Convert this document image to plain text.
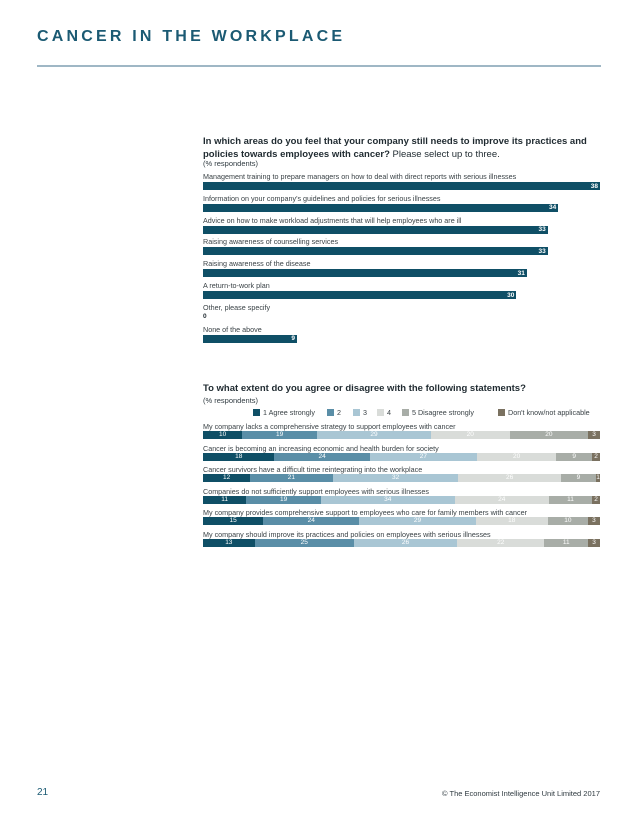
CANCER IN THE WORKPLACE
In which areas do you feel that your company still needs to improve its practices and policies towards employees with cancer? Please select up to three.
(% respondents)
Management training to prepare managers on how to deal with direct reports with serious illnesses
38
Information on your company's guidelines and policies for serious illnesses
34
Advice on how to make workload adjustments that will help employees who are ill
33
Raising awareness of counselling services
33
Raising awareness of the disease
31
A return-to-work plan
30
Other, please specify
0
None of the above
9
To what extent do you agree or disagree with the following statements?
(% respondents)
1 Agree strongly	2	3	4	5 Disagree strongly	Don't know/not applicable
My company lacks a comprehensive strategy to support employees with cancer
10	19	29	20	20	3
Cancer is becoming an increasing economic and health burden for society
18	24	27	20	9	2
Cancer survivors have a difficult time reintegrating into the workplace
12	21	32	26	9	1
Companies do not sufficiently support employees with serious illnesses
11	19	34	24	11	2
My company provides comprehensive support to employees who care for family members with cancer
15	24	29	18	10	3
My company should improve its practices and policies on employees with serious illnesses
13	25	26	22	11	3
21	© The Economist Intelligence Unit Limited 2017
